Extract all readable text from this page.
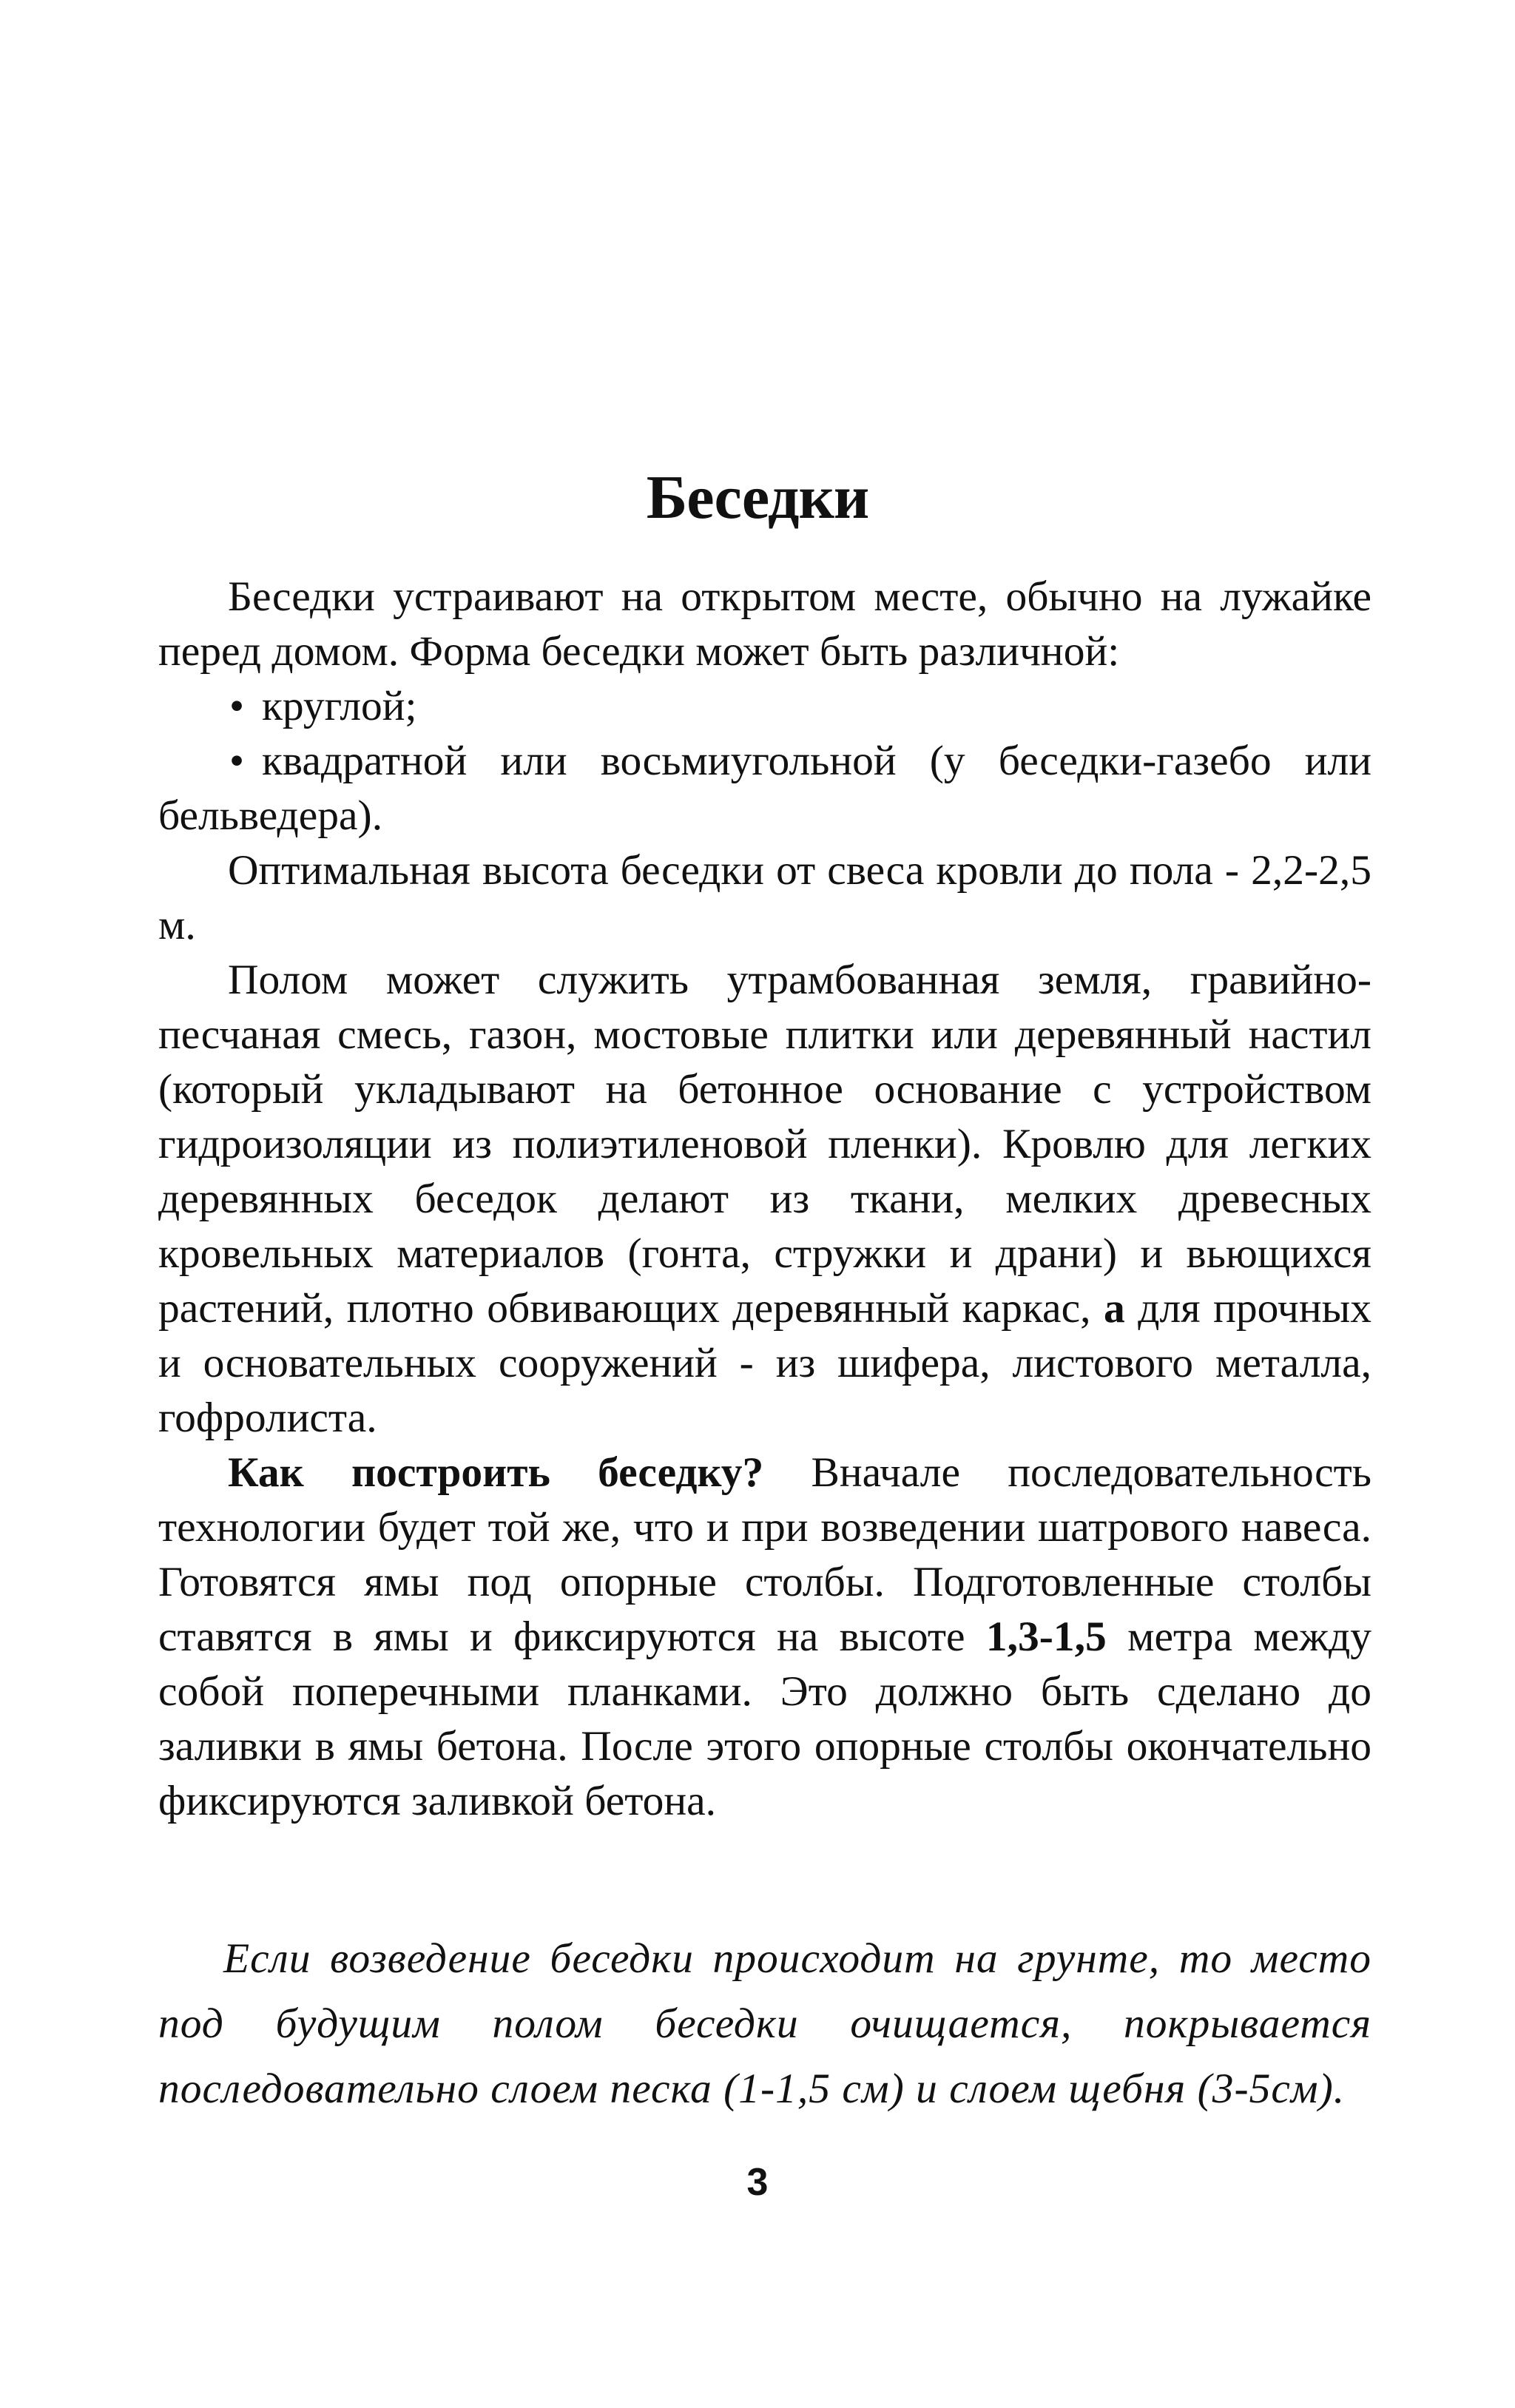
Беседки

Беседки устраивают на открытом месте, обычно на лужайке перед домом. Форма беседки может быть различной:

• круглой;
• квадратной или восьмиугольной (у беседки-газебо или бельведера).

Оптимальная высота беседки от свеса кровли до пола - 2,2-2,5 м.

Полом может служить утрамбованная земля, гравийно-песчаная смесь, газон, мостовые плитки или деревянный настил (который укладывают на бетонное основание с устройством гидроизоляции из полиэтиленовой пленки). Кровлю для легких деревянных беседок делают из ткани, мелких древесных кровельных материалов (гонта, стружки и драни) и вьющихся растений, плотно обвивающих деревянный каркас, а для прочных и основательных сооружений - из шифера, листового металла, гофролиста.

Как построить беседку? Вначале последовательность технологии будет той же, что и при возведении шатрового навеса. Готовятся ямы под опорные столбы. Подготовленные столбы ставятся в ямы и фиксируются на высоте 1,3-1,5 метра между собой поперечными планками. Это должно быть сделано до заливки в ямы бетона. После этого опорные столбы окончательно фиксируются заливкой бетона.

Если возведение беседки происходит на грунте, то место под будущим полом беседки очищается, покрывается последовательно слоем песка (1-1,5 см) и слоем щебня (3-5см).

3
